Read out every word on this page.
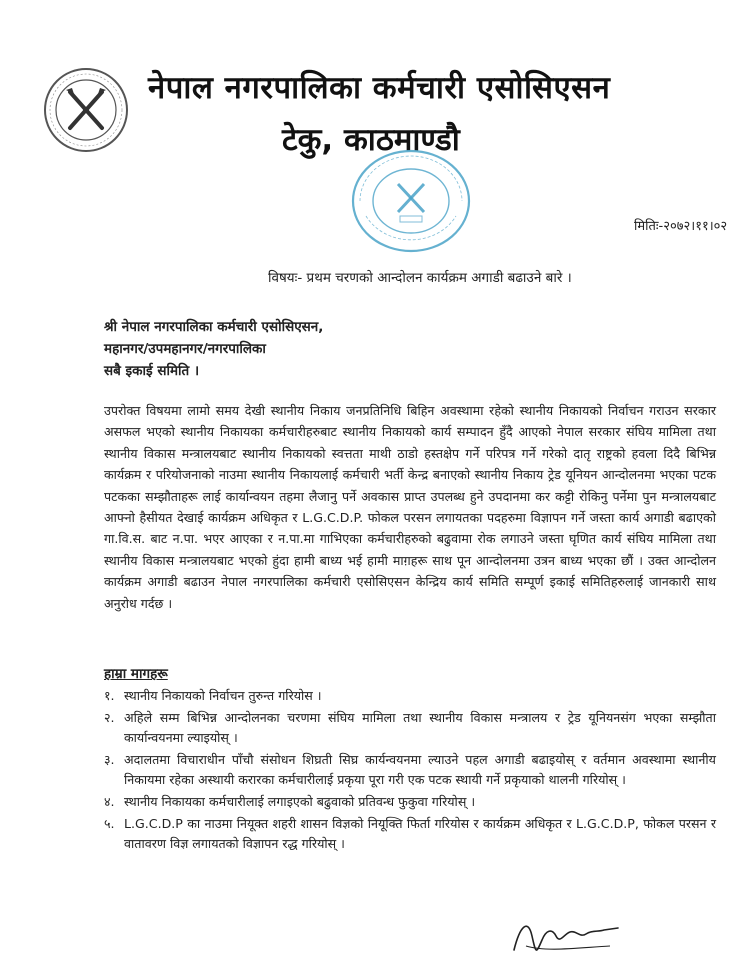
नेपाल नगरपालिका कर्मचारी एसोसिएसन
टेकु, काठमाण्डौ
मितिः-२०७२।११।०२
विषयः- प्रथम चरणको आन्दोलन कार्यक्रम अगाडी बढाउने बारे ।
श्री नेपाल नगरपालिका कर्मचारी एसोसिएसन,
महानगर/उपमहानगर/नगरपालिका
सबै इकाई समिति ।
उपरोक्त विषयमा लामो समय देखी स्थानीय निकाय जनप्रतिनिधि बिहिन अवस्थामा रहेको स्थानीय निकायको निर्वाचन गराउन सरकार असफल भएको स्थानीय निकायका कर्मचारीहरुबाट स्थानीय निकायको कार्य सम्पादन हुँदै आएको नेपाल सरकार संघिय मामिला तथा स्थानीय विकास मन्त्रालयबाट स्थानीय निकायको स्वत्तता माथी ठाडो हस्तक्षेप गर्ने परिपत्र गर्ने गरेको दातृ राष्ट्रको हवला दिदै बिभिन्न कार्यक्रम र परियोजनाको नाउमा स्थानीय निकायलाई कर्मचारी भर्ती केन्द्र बनाएको स्थानीय निकाय ट्रेड यूनियन आन्दोलनमा भएका पटक पटकका सम्झौताहरू लाई कार्यान्वयन तहमा लैजानु पर्ने अवकास प्राप्त उपलब्ध हुने उपदानमा कर कट्टी रोकिनु पर्नेमा पुन मन्त्रालयबाट आफ्नो हैसीयत देखाई कार्यक्रम अधिकृत र L.G.C.D.P. फोकल परसन लगायतका पदहरुमा विज्ञापन गर्ने जस्ता कार्य अगाडी बढाएको गा.वि.स. बाट न.पा. भएर आएका र न.पा.मा गाभिएका कर्मचारीहरुको बढुवामा रोक लगाउने जस्ता घृणित कार्य संघिय मामिला तथा स्थानीय विकास मन्त्रालयबाट भएको हुंदा हामी बाध्य भई हामी माग़हरू साथ पून आन्दोलनमा उत्रन बाध्य भएका छौं । उक्त आन्दोलन कार्यक्रम अगाडी बढाउन नेपाल नगरपालिका कर्मचारी एसोसिएसन केन्द्रिय कार्य समिति सम्पूर्ण इकाई समितिहरुलाई जानकारी साथ अनुरोध गर्दछ ।
हाम्रा मागहरू
१. स्थानीय निकायको निर्वाचन तुरुन्त गरियोस ।
२. अहिले सम्म बिभिन्न आन्दोलनका चरणमा संघिय मामिला तथा स्थानीय विकास मन्त्रालय र ट्रेड यूनियनसंग भएका सम्झौता कार्यान्वयनमा ल्याइयोस् ।
३. अदालतमा विचाराधीन पाँचौ संसोधन शिघ्रती सिघ्र कार्यन्वयनमा ल्याउने पहल अगाडी बढाइयोस् र वर्तमान अवस्थामा स्थानीय निकायमा रहेका अस्थायी करारका कर्मचारीलाई प्रकृया पूरा गरी एक पटक स्थायी गर्ने प्रकृयाको थालनी गरियोस् ।
४. स्थानीय निकायका कर्मचारीलाई लगाइएको बढुवाको प्रतिवन्ध फुकुवा गरियोस् ।
५. L.G.C.D.P का नाउमा नियूक्त शहरी शासन विज्ञको नियूक्ति फिर्ता गरियोस र कार्यक्रम अधिकृत र L.G.C.D.P, फोकल परसन र वातावरण विज्ञ लगायतको विज्ञापन रद्ध गरियोस् ।
